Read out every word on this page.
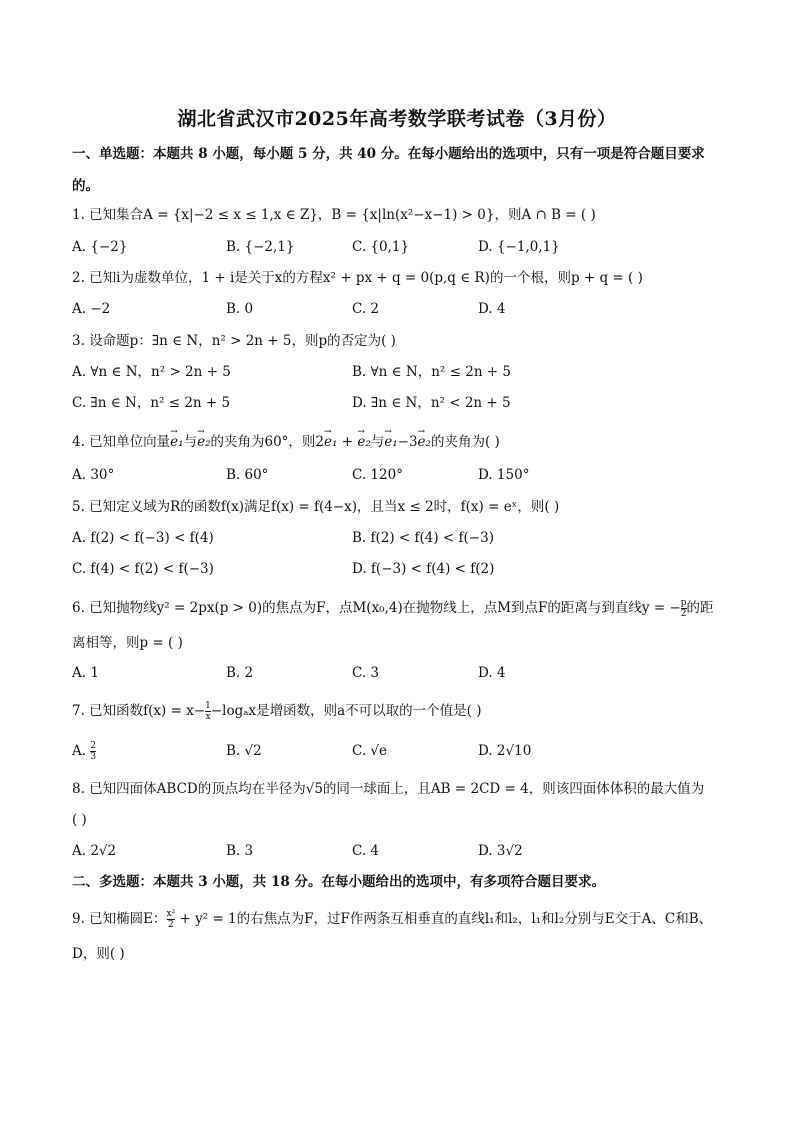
湖北省武汉市2025年高考数学联考试卷（3月份）
一、单选题：本题共 8 小题，每小题 5 分，共 40 分。在每小题给出的选项中，只有一项是符合题目要求
的。
1. 已知集合A = {x|−2 ≤ x ≤ 1,x ∈ Z}，B = {x|ln(x²−x−1) > 0}，则A ∩ B = ( )
A. {−2}	B. {−2,1}	C. {0,1}	D. {−1,0,1}
2. 已知i为虚数单位，1 + i是关于x的方程x² + px + q = 0(p,q ∈ R)的一个根，则p + q = ( )
A. −2	B. 0	C. 2	D. 4
3. 设命题p：∃n ∈ N，n² > 2n + 5，则p的否定为( )
A. ∀n ∈ N，n² > 2n + 5	B. ∀n ∈ N，n² ≤ 2n + 5
C. ∃n ∈ N，n² ≤ 2n + 5	D. ∃n ∈ N，n² < 2n + 5
4. 已知单位向量→ e₁与→ e₂的夹角为60°，则2→ e₁ + → e₂与→ e₁−3→ e₂的夹角为( )
A. 30°	B. 60°	C. 120°	D. 150°
5. 已知定义域为R的函数f(x)满足f(x) = f(4−x)，且当x ≤ 2时，f(x) = eˣ，则( )
A. f(2) < f(−3) < f(4)	B. f(2) < f(4) < f(−3)
C. f(4) < f(2) < f(−3)	D. f(−3) < f(4) < f(2)
6. 已知抛物线y² = 2px(p > 0)的焦点为F，点M(x₀,4)在抛物线上，点M到点F的距离与到直线y = − $\frac{p}{2}$ 的距
离相等，则p = ( )
A. 1	B. 2	C. 3	D. 4
7. 已知函数$f(x) = x- \frac{1}{x} -\log_ax$是增函数，则a不可以取的一个值是( )
A. $\frac{2}{3}$	B. √2	C. √e	D. 2√10
8. 已知四面体ABCD的顶点均在半径为√5的同一球面上，且AB = 2CD = 4，则该四面体体积的最大值为
( )
A. 2√2	B. 3	C. 4	D. 3√2
二、多选题：本题共 3 小题，共 18 分。在每小题给出的选项中，有多项符合题目要求。
9. 已知椭圆E： $\frac{\text{x²}}{2} + y^2 = 1$的右焦点为F，过F作两条互相垂直的直线l₁和l₂，l₁和l₂分别与E交于A、C和B、
D，则( )
